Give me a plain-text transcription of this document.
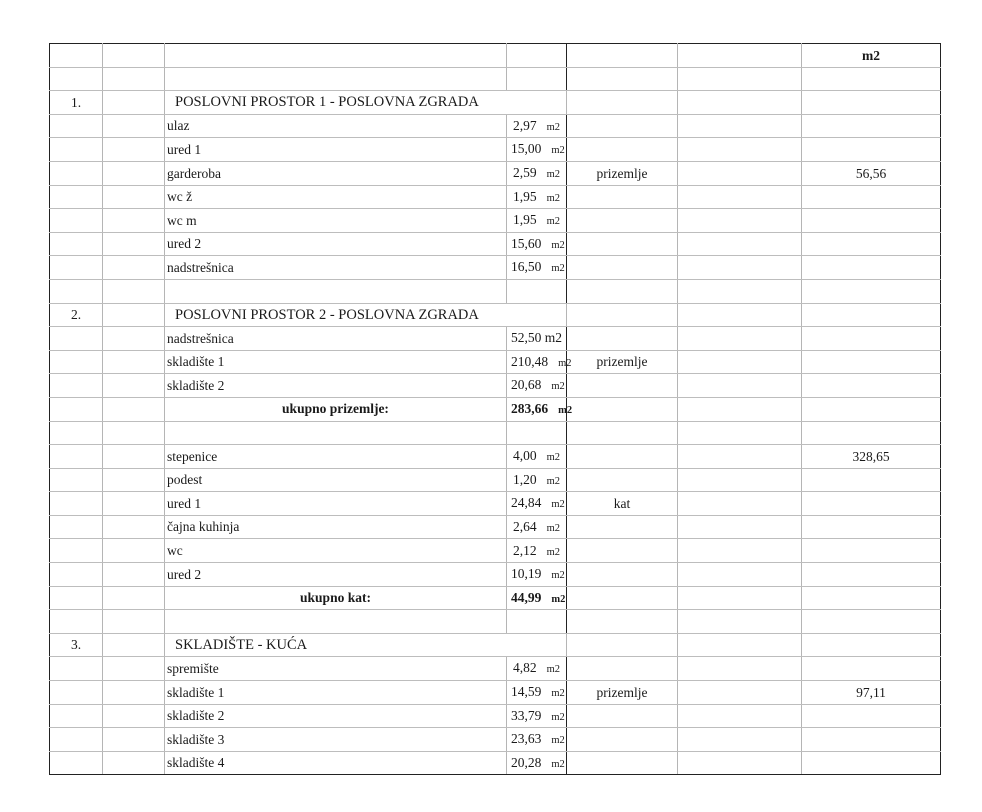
						m2

1.		POSLOVNI PROSTOR 1 - POSLOVNA ZGRADA				
		ulaz	2,97 m2			
		ured 1	15,00 m2			
		garderoba	2,59 m2	prizemlje		56,56
		wc ž	1,95 m2			
		wc m	1,95 m2			
		ured 2	15,60 m2			
		nadstrešnica	16,50 m2			

2.		POSLOVNI PROSTOR 2 - POSLOVNA ZGRADA				
		nadstrešnica	52,50 m2			
		skladište 1	210,48 m2	prizemlje		
		skladište 2	20,68 m2			
		ukupno prizemlje:	283,66 m2			

		stepenice	4,00 m2			328,65
		podest	1,20 m2			
		ured 1	24,84 m2	kat		
		čajna kuhinja	2,64 m2			
		wc	2,12 m2			
		ured 2	10,19 m2			
		ukupno kat:	44,99 m2			

3.		SKLADIŠTE - KUĆA				
		spremište	4,82 m2			
		skladište 1	14,59 m2	prizemlje		97,11
		skladište 2	33,79 m2			
		skladište 3	23,63 m2			
		skladište 4	20,28 m2			
